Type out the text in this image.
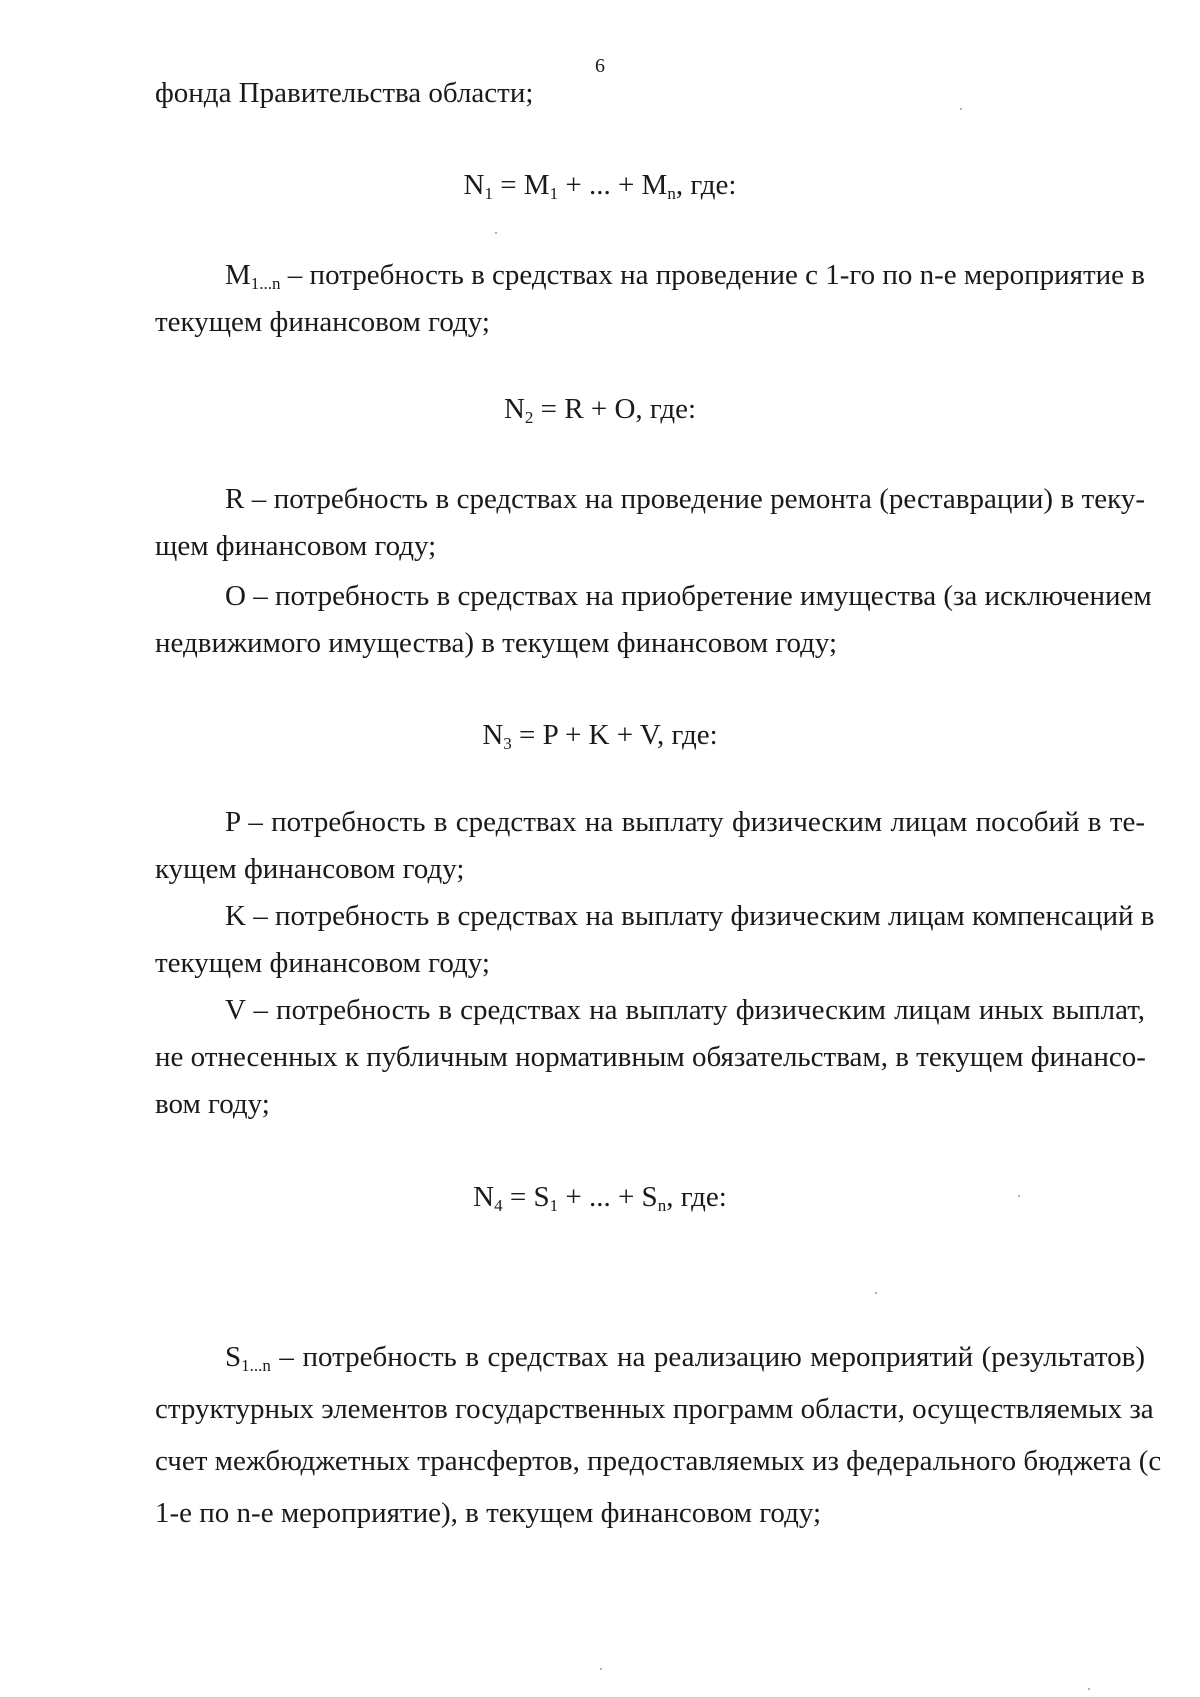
6
фонда Правительства области;
$N_1 = M_1$ + ... + $M_n$, где:
$M_{1...n}$ – потребность в средствах на проведение с 1-го по n-е мероприятие в
текущем финансовом году;
$N_2 = R + O$, где:
R – потребность в средствах на проведение ремонта (реставрации) в теку-
щем финансовом году;
O – потребность в средствах на приобретение имущества (за исключением
недвижимого имущества) в текущем финансовом году;
$N_3 = P + K + V$, где:
P – потребность в средствах на выплату физическим лицам пособий в те-
кущем финансовом году;
K – потребность в средствах на выплату физическим лицам компенсаций в
текущем финансовом году;
V – потребность в средствах на выплату физическим лицам иных выплат,
не отнесенных к публичным нормативным обязательствам, в текущем финансо-
вом году;
$N_4 = S_1$ + ... + $S_n$, где:
$S_{1...n}$ – потребность в средствах на реализацию мероприятий (результатов)
структурных элементов государственных программ области, осуществляемых за
счет межбюджетных трансфертов, предоставляемых из федерального бюджета (с
1-е по n-е мероприятие), в текущем финансовом году;
